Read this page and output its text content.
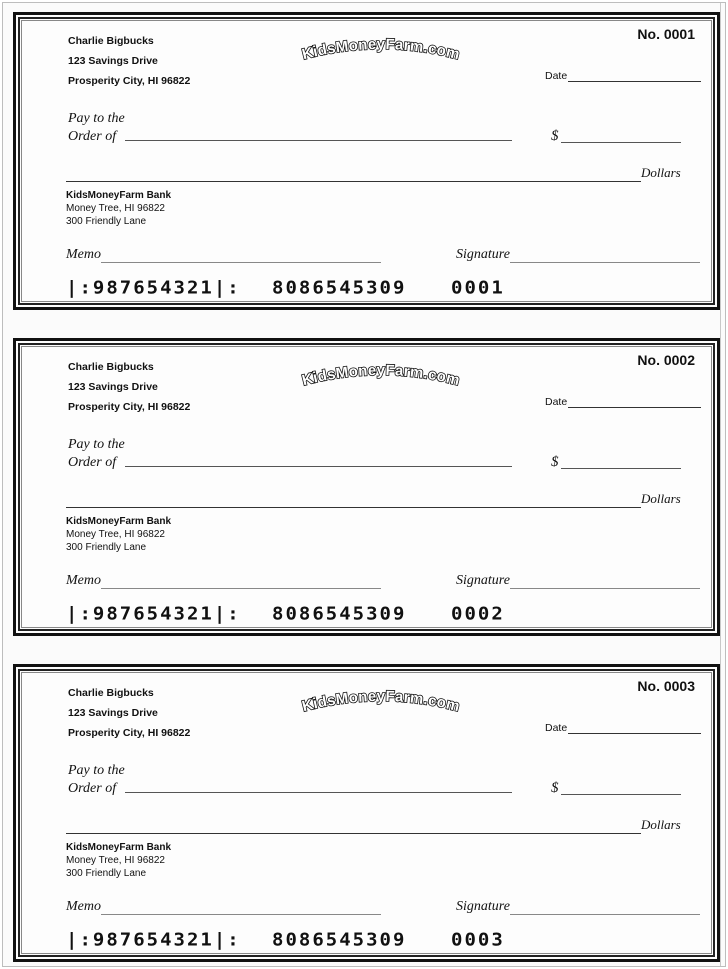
Charlie Bigbucks
123 Savings Drive
Prosperity City, HI 96822
KidsMoneyFarm.com
No. 0001
Date
Pay to the
Order of	$
Dollars
KidsMoneyFarm Bank
Money Tree, HI 96822
300 Friendly Lane
Memo	Signature
|:987654321|: 8086545309 0001
Charlie Bigbucks
123 Savings Drive
Prosperity City, HI 96822
KidsMoneyFarm.com
No. 0002
Date
Pay to the
Order of	$
Dollars
KidsMoneyFarm Bank
Money Tree, HI 96822
300 Friendly Lane
Memo	Signature
|:987654321|: 8086545309 0002
Charlie Bigbucks
123 Savings Drive
Prosperity City, HI 96822
KidsMoneyFarm.com
No. 0003
Date
Pay to the
Order of	$
Dollars
KidsMoneyFarm Bank
Money Tree, HI 96822
300 Friendly Lane
Memo	Signature
|:987654321|: 8086545309 0003
